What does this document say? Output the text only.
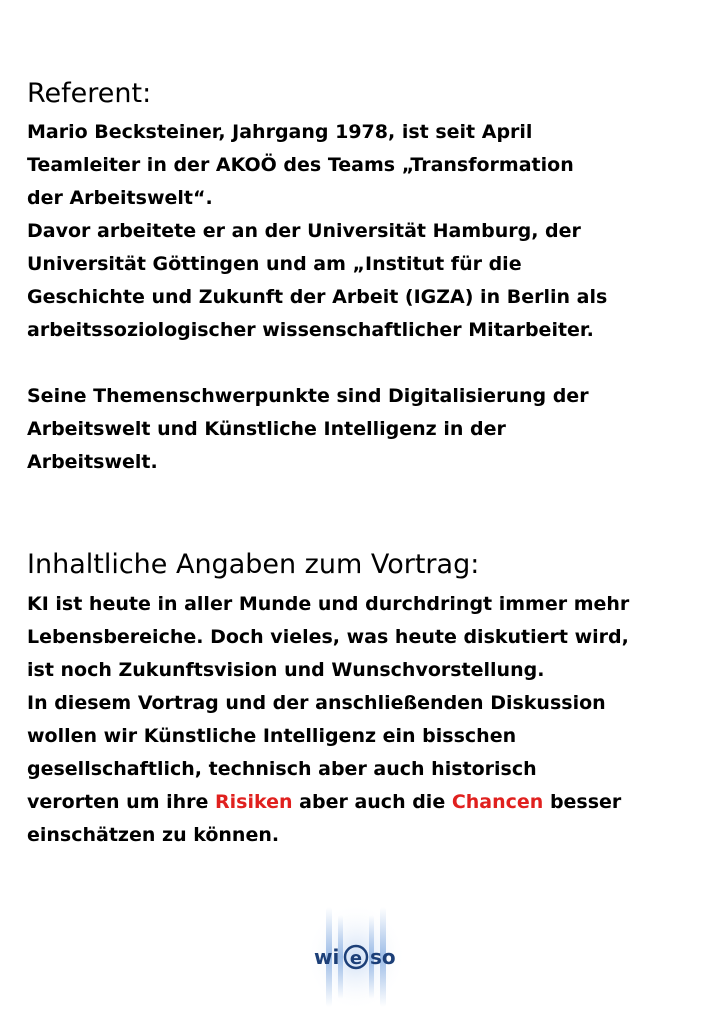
Referent:
Mario Becksteiner, Jahrgang 1978, ist seit April
Teamleiter in der AKOÖ des Teams „Transformation
der Arbeitswelt“.
Davor arbeitete er an der Universität Hamburg, der
Universität Göttingen und am „Institut für die
Geschichte und Zukunft der Arbeit (IGZA) in Berlin als
arbeitssoziologischer wissenschaftlicher Mitarbeiter.
Seine Themenschwerpunkte sind Digitalisierung der
Arbeitswelt und Künstliche Intelligenz in der
Arbeitswelt.
Inhaltliche Angaben zum Vortrag:
KI ist heute in aller Munde und durchdringt immer mehr
Lebensbereiche. Doch vieles, was heute diskutiert wird,
ist noch Zukunftsvision und Wunschvorstellung.
In diesem Vortrag und der anschließenden Diskussion
wollen wir Künstliche Intelligenz ein bisschen
gesellschaftlich, technisch aber auch historisch
verorten um ihre Risiken aber auch die Chancen besser
einschätzen zu können.
wi e so
